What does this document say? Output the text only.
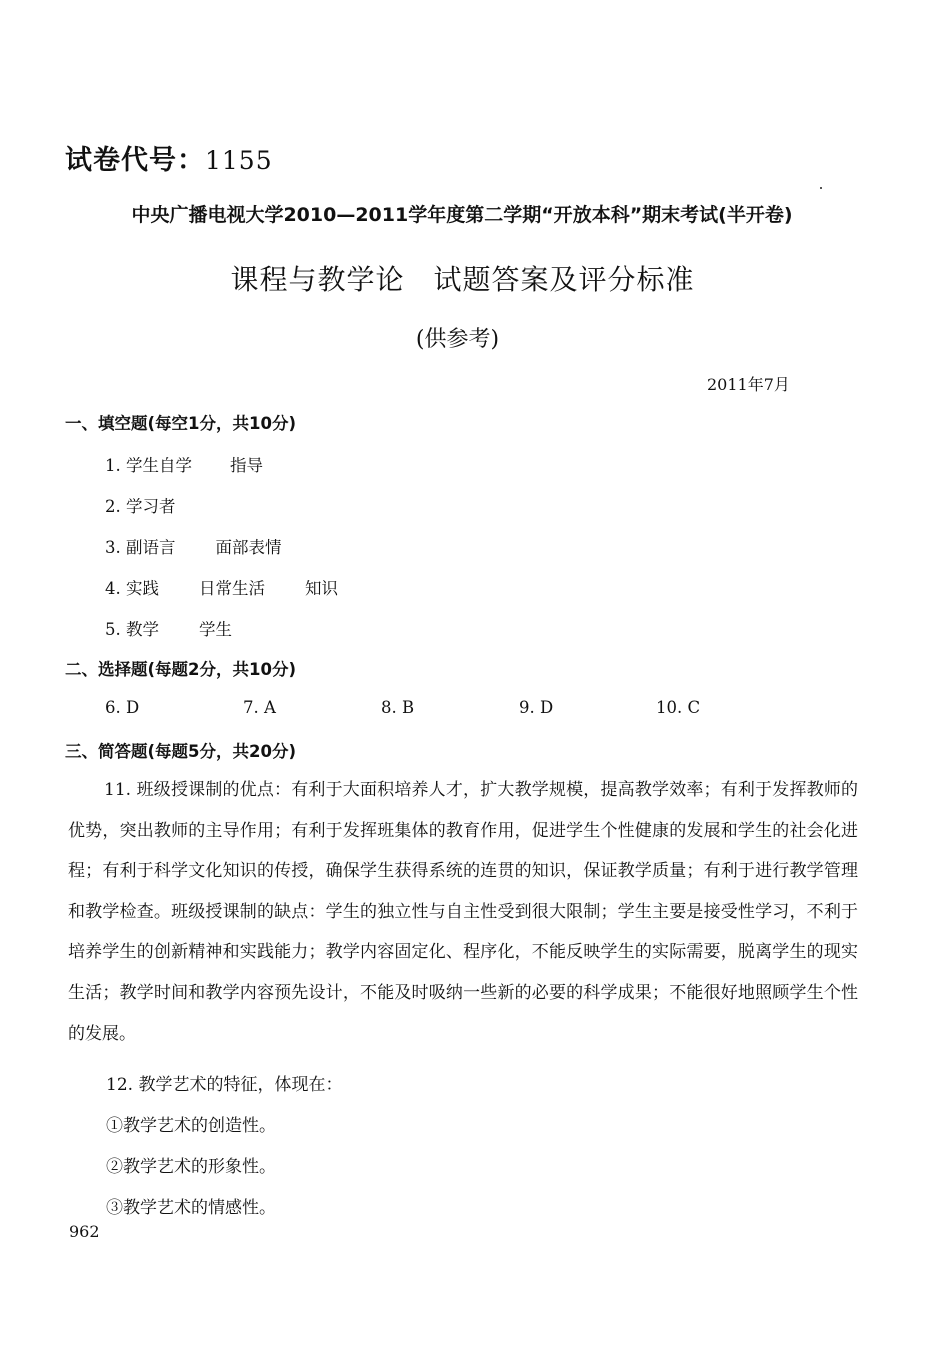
试卷代号：1155
中央广播电视大学2010—2011学年度第二学期“开放本科”期末考试(半开卷)
课程与教学论　试题答案及评分标准
(供参考)
2011年7月
一、填空题(每空1分，共10分)
1. 学生自学 指导
2. 学习者
3. 副语言 面部表情
4. 实践 日常生活 知识
5. 教学 学生
二、选择题(每题2分，共10分)
6. D	7. A	8. B	9. D	10. C
三、简答题(每题5分，共20分)
11. 班级授课制的优点：有利于大面积培养人才，扩大教学规模，提高教学效率；有利于发挥教师的优势，突出教师的主导作用；有利于发挥班集体的教育作用，促进学生个性健康的发展和学生的社会化进程；有利于科学文化知识的传授，确保学生获得系统的连贯的知识，保证教学质量；有利于进行教学管理和教学检查。班级授课制的缺点：学生的独立性与自主性受到很大限制；学生主要是接受性学习，不利于培养学生的创新精神和实践能力；教学内容固定化、程序化，不能反映学生的实际需要，脱离学生的现实生活；教学时间和教学内容预先设计，不能及时吸纳一些新的必要的科学成果；不能很好地照顾学生个性的发展。
12. 教学艺术的特征，体现在：
①教学艺术的创造性。
②教学艺术的形象性。
③教学艺术的情感性。
962
